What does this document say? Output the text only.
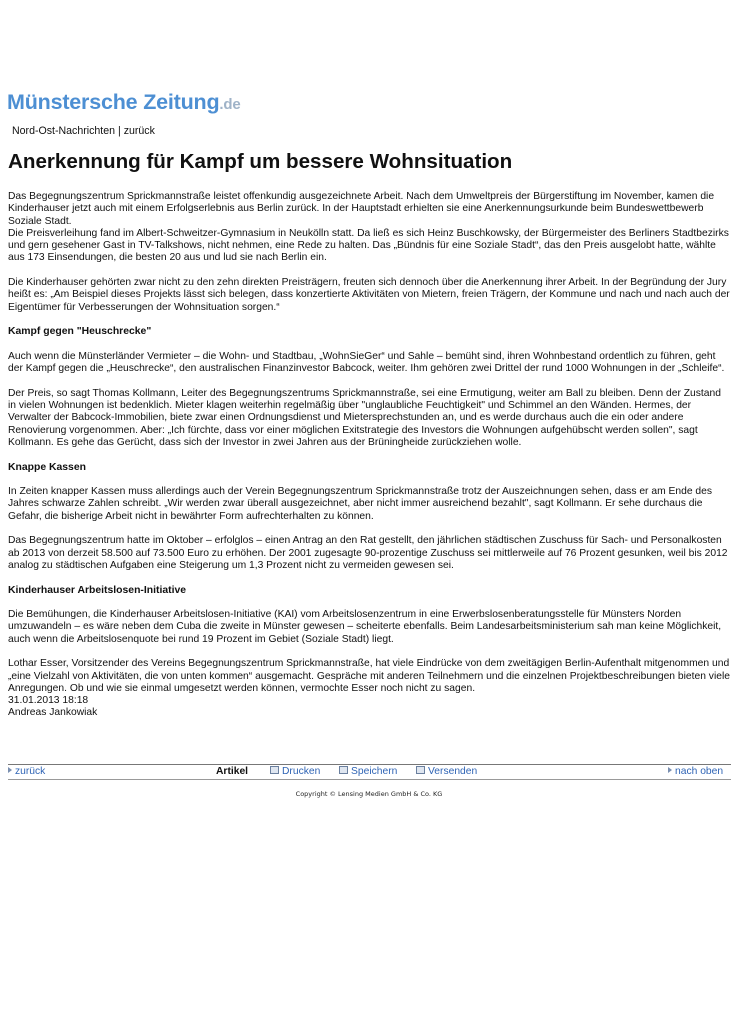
Münstersche Zeitung.de
Nord-Ost-Nachrichten | zurück
Anerkennung für Kampf um bessere Wohnsituation

Das Begegnungszentrum Sprickmannstraße leistet offenkundig ausgezeichnete Arbeit. Nach dem Umweltpreis der Bürgerstiftung im November, kamen die Kinderhauser jetzt auch mit einem Erfolgserlebnis aus Berlin zurück. In der Hauptstadt erhielten sie eine Anerkennungsurkunde beim Bundeswettbewerb Soziale Stadt.

Die Preisverleihung fand im Albert-Schweitzer-Gymnasium in Neukölln statt. Da ließ es sich Heinz Buschkowsky, der Bürgermeister des Berliners Stadtbezirks und gern gesehener Gast in TV-Talkshows, nicht nehmen, eine Rede zu halten. Das „Bündnis für eine Soziale Stadt“, das den Preis ausgelobt hatte, wählte aus 173 Einsendungen, die besten 20 aus und lud sie nach Berlin ein.

Die Kinderhauser gehörten zwar nicht zu den zehn direkten Preisträgern, freuten sich dennoch über die Anerkennung ihrer Arbeit. In der Begründung der Jury heißt es: „Am Beispiel dieses Projekts lässt sich belegen, dass konzertierte Aktivitäten von Mietern, freien Trägern, der Kommune und nach und nach auch der Eigentümer für Verbesserungen der Wohnsituation sorgen.“

Kampf gegen "Heuschrecke"

Auch wenn die Münsterländer Vermieter – die Wohn- und Stadtbau, „WohnSieGer“ und Sahle – bemüht sind, ihren Wohnbestand ordentlich zu führen, geht der Kampf gegen die „Heuschrecke“, den australischen Finanzinvestor Babcock, weiter. Ihm gehören zwei Drittel der rund 1000 Wohnungen in der „Schleife“.

Der Preis, so sagt Thomas Kollmann, Leiter des Begegnungszentrums Sprickmannstraße, sei eine Ermutigung, weiter am Ball zu bleiben. Denn der Zustand in vielen Wohnungen ist bedenklich. Mieter klagen weiterhin regelmäßig über "unglaubliche Feuchtigkeit" und Schimmel an den Wänden. Hermes, der Verwalter der Babcock-Immobilien, biete zwar einen Ordnungsdienst und Mietersprechstunden an, und es werde durchaus auch die ein oder andere Renovierung vorgenommen. Aber: „Ich fürchte, dass vor einer möglichen Exitstrategie des Investors die Wohnungen aufgehübscht werden sollen", sagt Kollmann. Es gehe das Gerücht, dass sich der Investor in zwei Jahren aus der Brüningheide zurückziehen wolle.

Knappe Kassen

In Zeiten knapper Kassen muss allerdings auch der Verein Begegnungszentrum Sprickmannstraße trotz der Auszeichnungen sehen, dass er am Ende des Jahres schwarze Zahlen schreibt. „Wir werden zwar überall ausgezeichnet, aber nicht immer ausreichend bezahlt", sagt Kollmann. Er sehe durchaus die Gefahr, die bisherige Arbeit nicht in bewährter Form aufrechterhalten zu können.

Das Begegnungszentrum hatte im Oktober – erfolglos – einen Antrag an den Rat gestellt, den jährlichen städtischen Zuschuss für Sach- und Personalkosten ab 2013 von derzeit 58.500 auf 73.500 Euro zu erhöhen. Der 2001 zugesagte 90-prozentige Zuschuss sei mittlerweile auf 76 Prozent gesunken, weil bis 2012 analog zu städtischen Aufgaben eine Steigerung um 1,3 Prozent nicht zu vermeiden gewesen sei.

Kinderhauser Arbeitslosen-Initiative

Die Bemühungen, die Kinderhauser Arbeitslosen-Initiative (KAI) vom Arbeitslosenzentrum in eine Erwerbslosenberatungsstelle für Münsters Norden umzuwandeln – es wäre neben dem Cuba die zweite in Münster gewesen – scheiterte ebenfalls. Beim Landesarbeitsministerium sah man keine Möglichkeit, auch wenn die Arbeitslosenquote bei rund 19 Prozent im Gebiet (Soziale Stadt) liegt.

Lothar Esser, Vorsitzender des Vereins Begegnungszentrum Sprickmannstraße, hat viele Eindrücke von dem zweitägigen Berlin-Aufenthalt mitgenommen und „eine Vielzahl von Aktivitäten, die von unten kommen“ ausgemacht. Gespräche mit anderen Teilnehmern und die einzelnen Projektbeschreibungen bieten viele Anregungen. Ob und wie sie einmal umgesetzt werden können, vermochte Esser noch nicht zu sagen.

31.01.2013 18:18
Andreas Jankowiak
zurück	Artikel	Drucken	Speichern	Versenden	nach oben
Copyright © Lensing Medien GmbH & Co. KG
